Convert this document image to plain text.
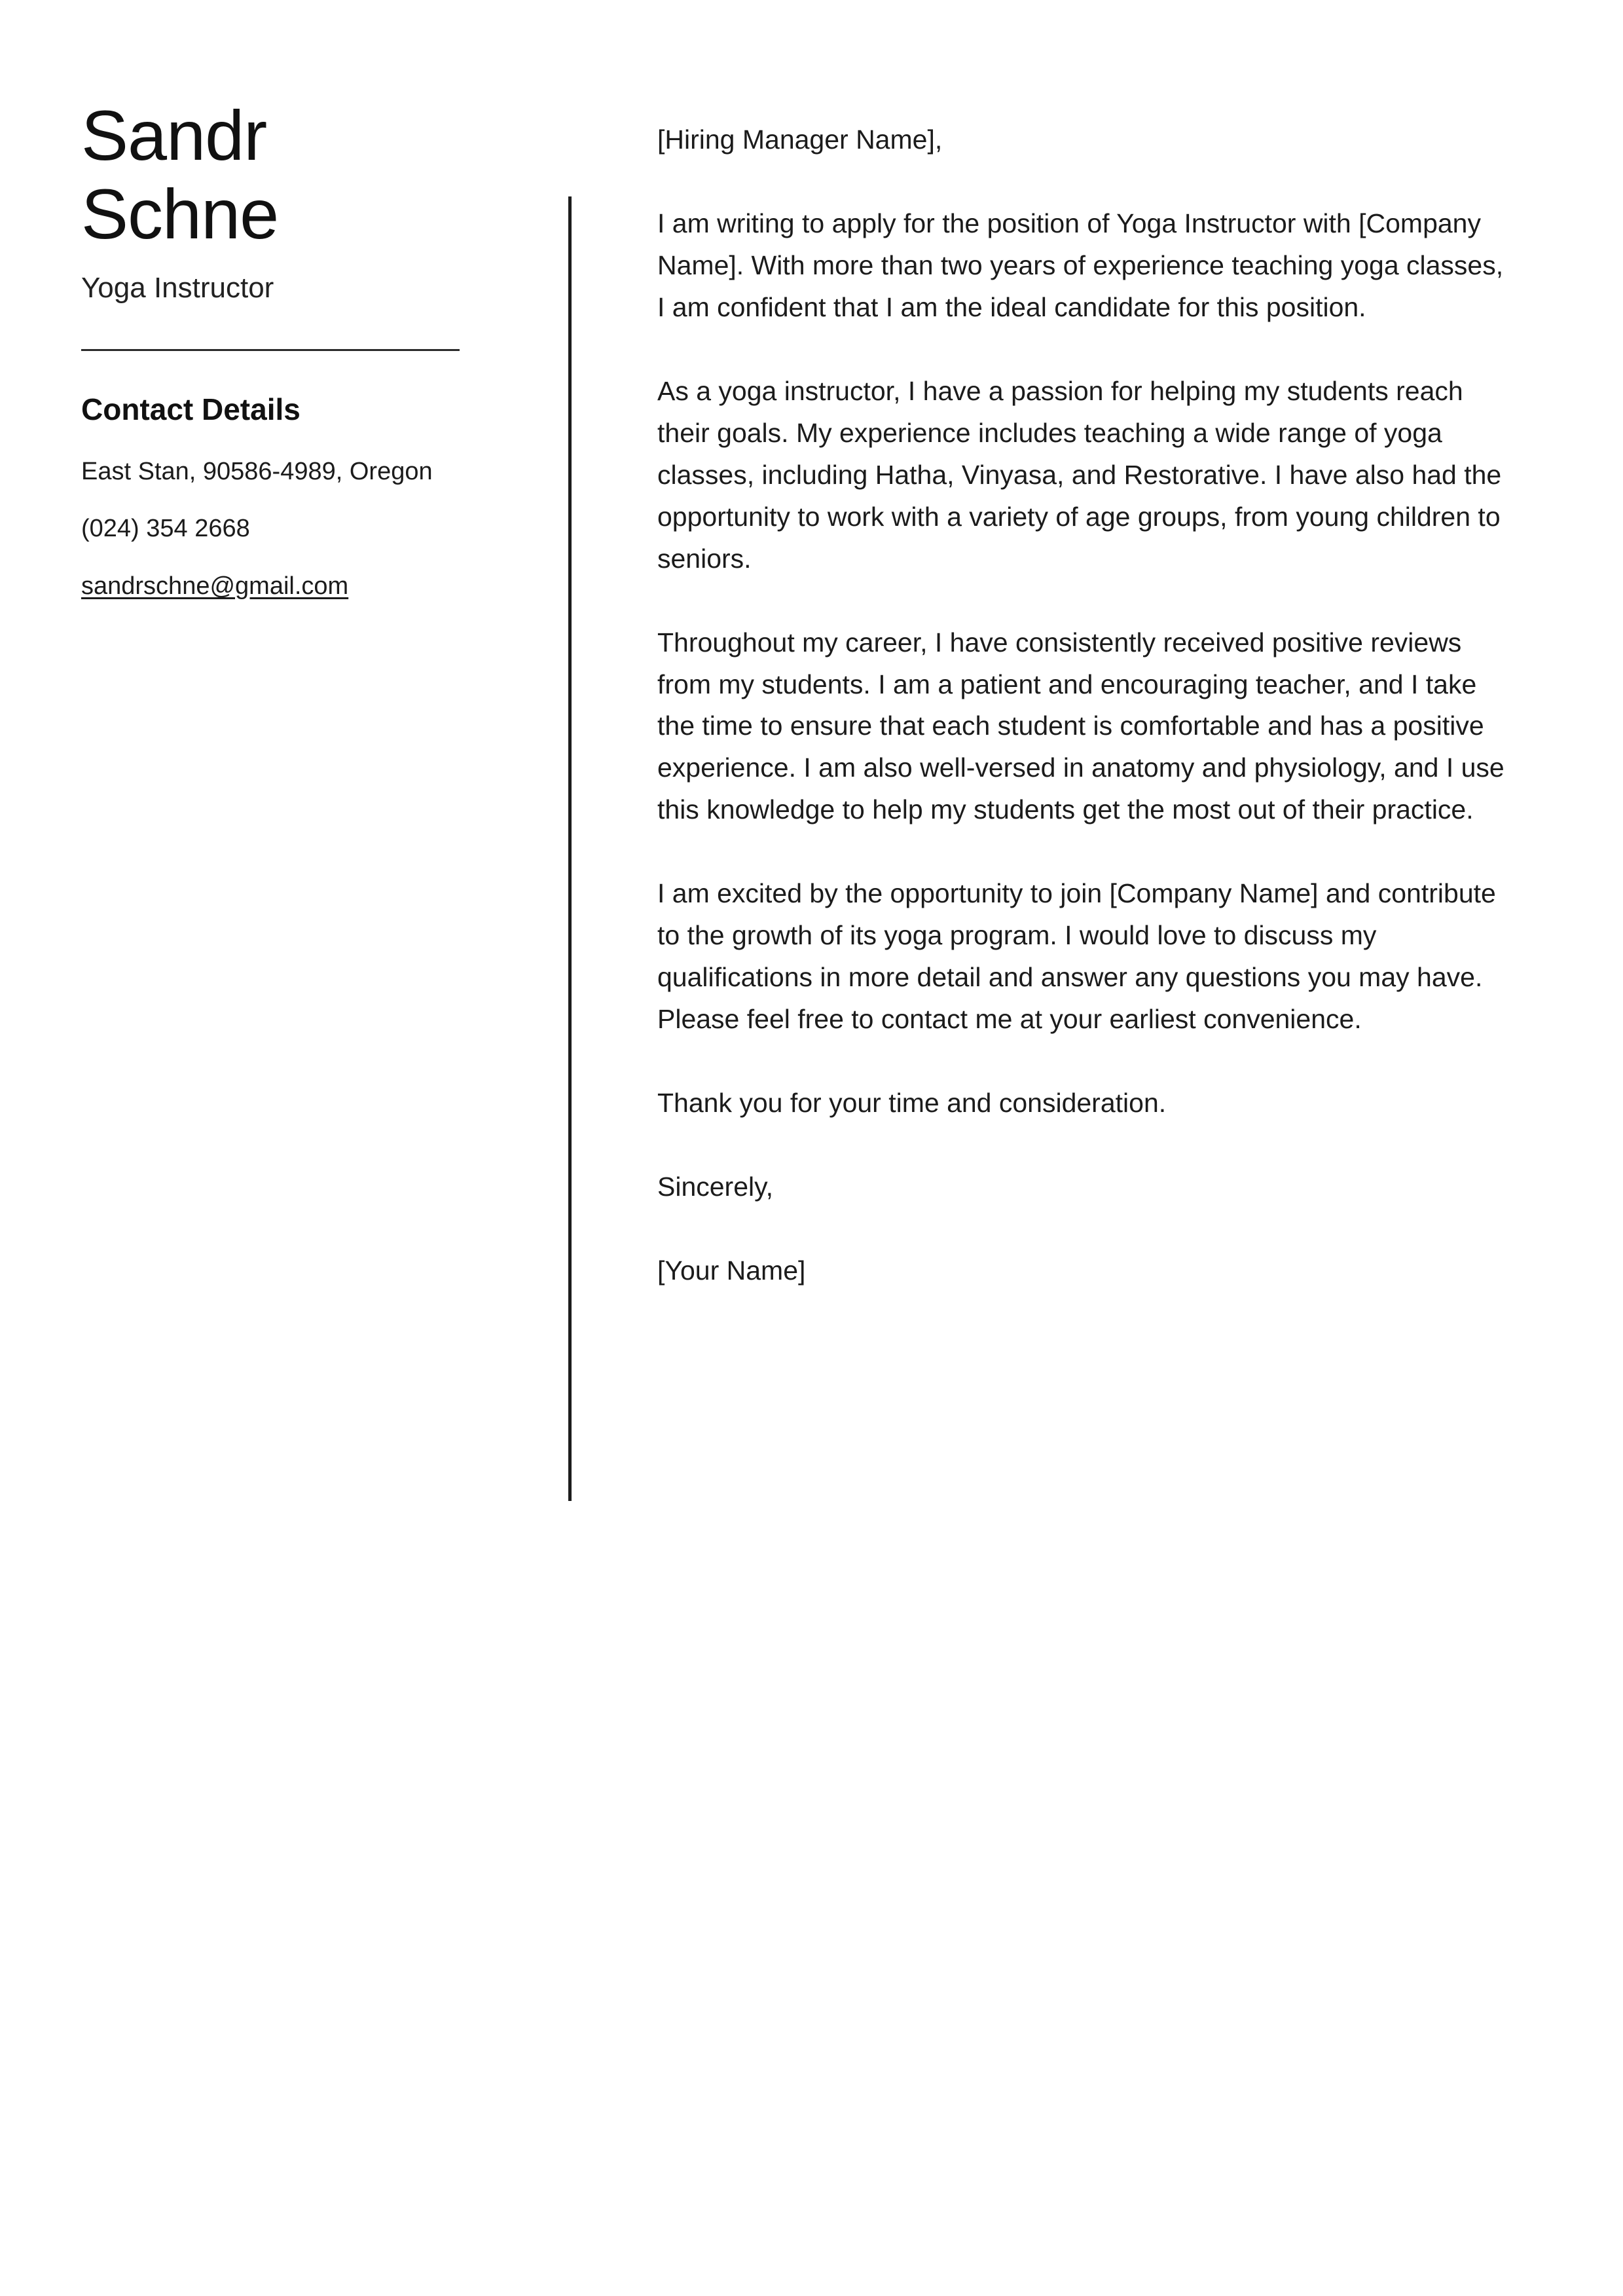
Sandr
Schne
Yoga Instructor
Contact Details
East Stan, 90586-4989, Oregon
(024) 354 2668
sandrschne@gmail.com

[Hiring Manager Name],

I am writing to apply for the position of Yoga Instructor with [Company Name]. With more than two years of experience teaching yoga classes, I am confident that I am the ideal candidate for this position.

As a yoga instructor, I have a passion for helping my students reach their goals. My experience includes teaching a wide range of yoga classes, including Hatha, Vinyasa, and Restorative. I have also had the opportunity to work with a variety of age groups, from young children to seniors.

Throughout my career, I have consistently received positive reviews from my students. I am a patient and encouraging teacher, and I take the time to ensure that each student is comfortable and has a positive experience. I am also well-versed in anatomy and physiology, and I use this knowledge to help my students get the most out of their practice.

I am excited by the opportunity to join [Company Name] and contribute to the growth of its yoga program. I would love to discuss my qualifications in more detail and answer any questions you may have. Please feel free to contact me at your earliest convenience.

Thank you for your time and consideration.

Sincerely,

[Your Name]
